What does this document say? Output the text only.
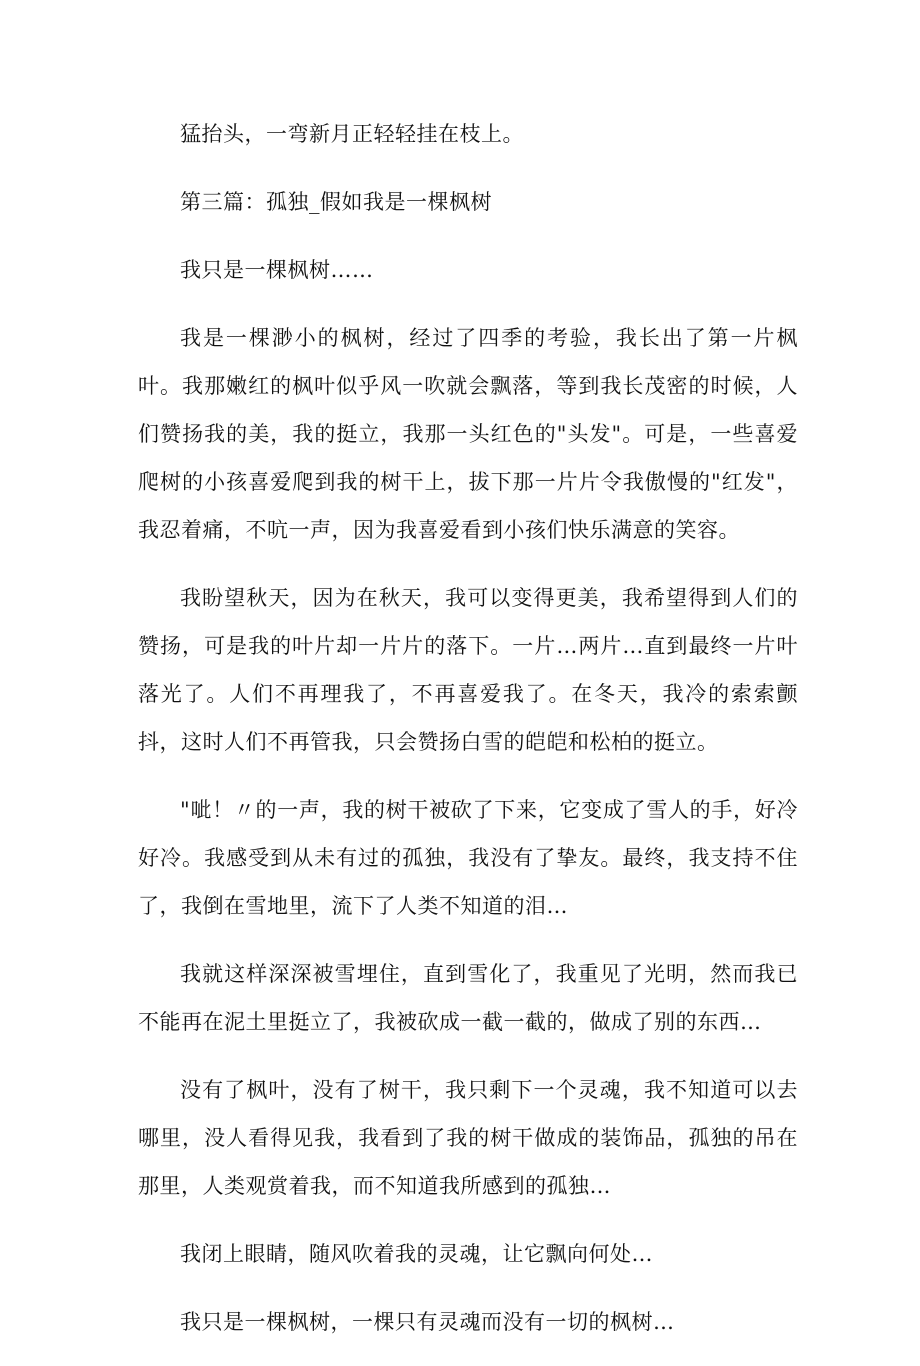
猛抬头，一弯新月正轻轻挂在枝上。

第三篇：孤独_假如我是一棵枫树

我只是一棵枫树……

我是一棵渺小的枫树，经过了四季的考验，我长出了第一片枫叶。我那嫩红的枫叶似乎风一吹就会飘落，等到我长茂密的时候，人们赞扬我的美，我的挺立，我那一头红色的"头发"。可是，一些喜爱爬树的小孩喜爱爬到我的树干上，拔下那一片片令我傲慢的"红发"，我忍着痛，不吭一声，因为我喜爱看到小孩们快乐满意的笑容。

我盼望秋天，因为在秋天，我可以变得更美，我希望得到人们的赞扬，可是我的叶片却一片片的落下。一片…两片…直到最终一片叶落光了。人们不再理我了，不再喜爱我了。在冬天，我冷的索索颤抖，这时人们不再管我，只会赞扬白雪的皑皑和松柏的挺立。

"呲！〃的一声，我的树干被砍了下来，它变成了雪人的手，好冷好冷。我感受到从未有过的孤独，我没有了挚友。最终，我支持不住了，我倒在雪地里，流下了人类不知道的泪…

我就这样深深被雪埋住，直到雪化了，我重见了光明，然而我已不能再在泥土里挺立了，我被砍成一截一截的，做成了别的东西…

没有了枫叶，没有了树干，我只剩下一个灵魂，我不知道可以去哪里，没人看得见我，我看到了我的树干做成的装饰品，孤独的吊在那里，人类观赏着我，而不知道我所感到的孤独…

我闭上眼睛，随风吹着我的灵魂，让它飘向何处…

我只是一棵枫树，一棵只有灵魂而没有一切的枫树…
